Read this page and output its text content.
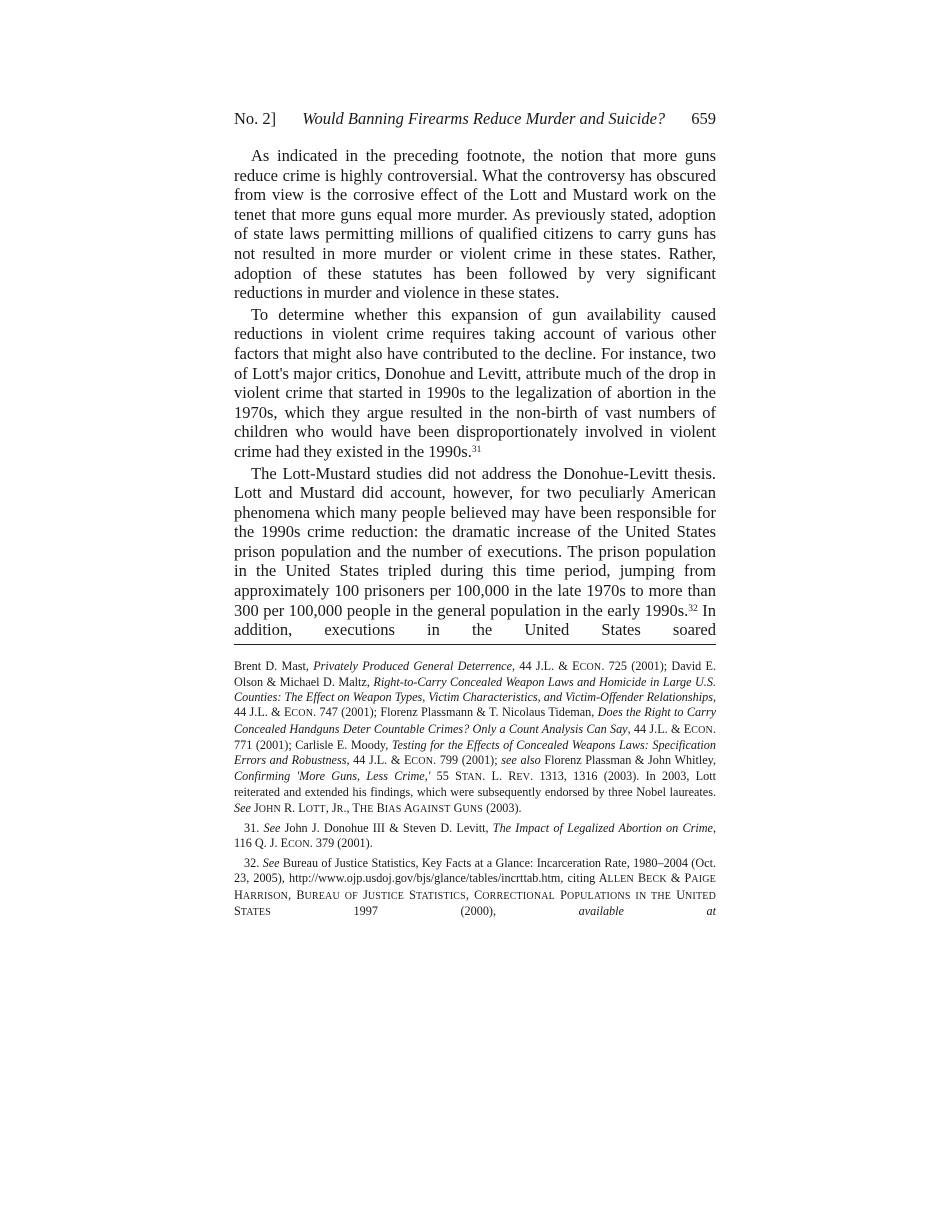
No. 2] Would Banning Firearms Reduce Murder and Suicide? 659

As indicated in the preceding footnote, the notion that more guns reduce crime is highly controversial. What the controversy has obscured from view is the corrosive effect of the Lott and Mustard work on the tenet that more guns equal more murder. As previously stated, adoption of state laws permitting millions of qualified citizens to carry guns has not resulted in more murder or violent crime in these states. Rather, adoption of these statutes has been followed by very significant reductions in murder and violence in these states.

To determine whether this expansion of gun availability caused reductions in violent crime requires taking account of various other factors that might also have contributed to the decline. For instance, two of Lott's major critics, Donohue and Levitt, attribute much of the drop in violent crime that started in 1990s to the legalization of abortion in the 1970s, which they argue resulted in the non-birth of vast numbers of children who would have been disproportionately involved in violent crime had they existed in the 1990s.$^{31}$

The Lott-Mustard studies did not address the Donohue-Levitt thesis. Lott and Mustard did account, however, for two peculiarly American phenomena which many people believed may have been responsible for the 1990s crime reduction: the dramatic increase of the United States prison population and the number of executions. The prison population in the United States tripled during this time period, jumping from approximately 100 prisoners per 100,000 in the late 1970s to more than 300 per 100,000 people in the general population in the early 1990s.$^{32}$ In addition, executions in the United States soared

Brent D. Mast, Privately Produced General Deterrence, 44 J.L. & ECON. 725 (2001); David E. Olson & Michael D. Maltz, Right-to-Carry Concealed Weapon Laws and Homicide in Large U.S. Counties: The Effect on Weapon Types, Victim Characteristics, and Victim-Offender Relationships, 44 J.L. & ECON. 747 (2001); Florenz Plassmann & T. Nicolaus Tideman, Does the Right to Carry Concealed Handguns Deter Countable Crimes? Only a Count Analysis Can Say, 44 J.L. & ECON. 771 (2001); Carlisle E. Moody, Testing for the Effects of Concealed Weapons Laws: Specification Errors and Robustness, 44 J.L. & ECON. 799 (2001); see also Florenz Plassman & John Whitley, Confirming 'More Guns, Less Crime,' 55 STAN. L. REV. 1313, 1316 (2003). In 2003, Lott reiterated and extended his findings, which were subsequently endorsed by three Nobel laureates. See JOHN R. LOTT, JR., THE BIAS AGAINST GUNS (2003).

31. See John J. Donohue III & Steven D. Levitt, The Impact of Legalized Abortion on Crime, 116 Q. J. ECON. 379 (2001).

32. See Bureau of Justice Statistics, Key Facts at a Glance: Incarceration Rate, 1980–2004 (Oct. 23, 2005), http://www.ojp.usdoj.gov/bjs/glance/tables/incrttab.htm, citing ALLEN BECK & PAIGE HARRISON, BUREAU OF JUSTICE STATISTICS, CORRECTIONAL POPULATIONS IN THE UNITED STATES 1997 (2000), available at
